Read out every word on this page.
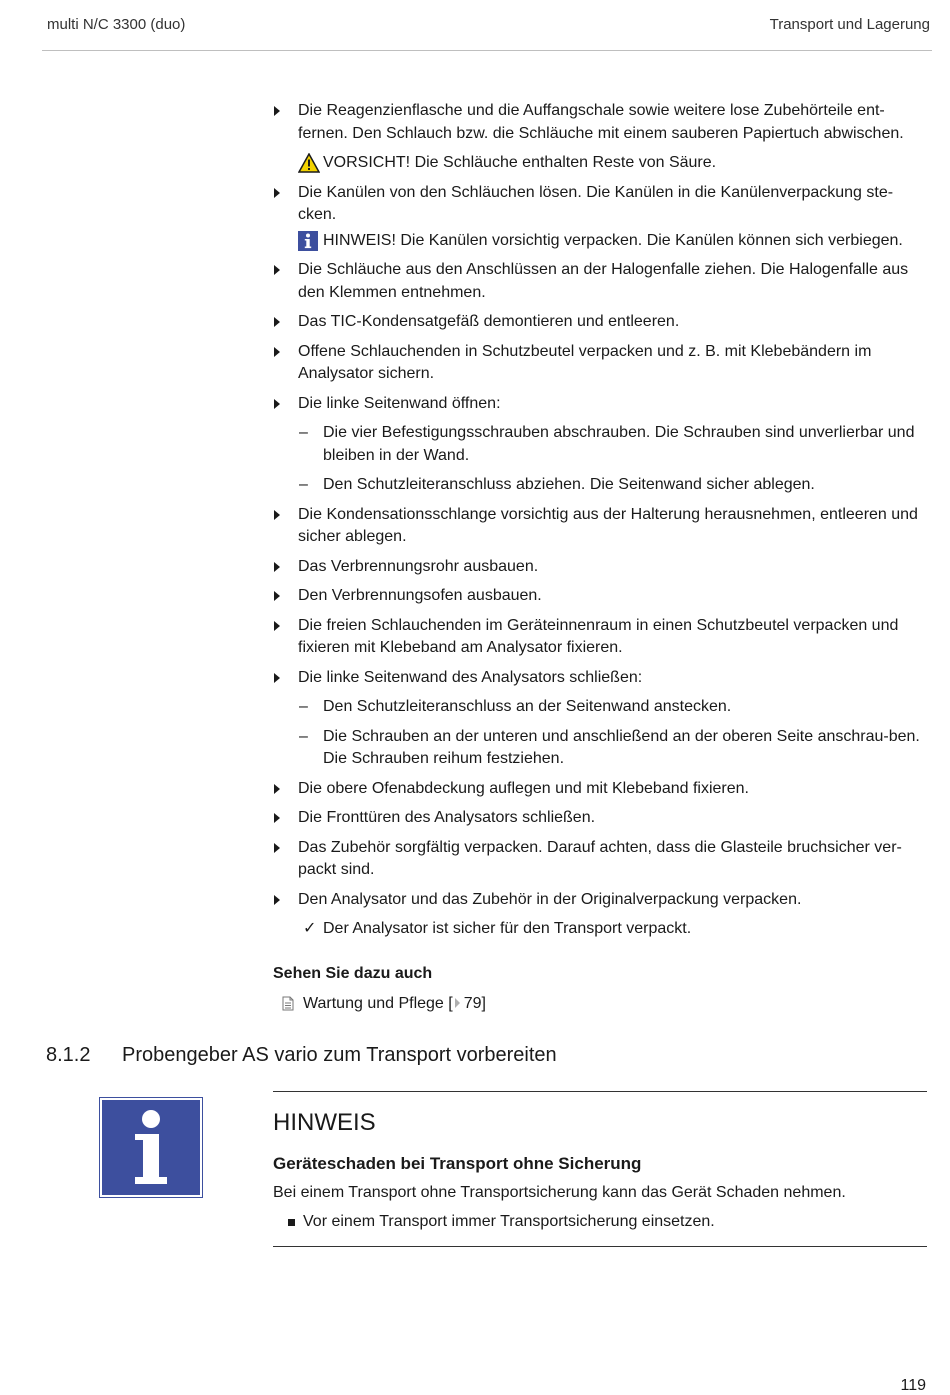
multi N/C 3300 (duo)	Transport und Lagerung
Die Reagenzienflasche und die Auffangschale sowie weitere lose Zubehörteile ent-fernen. Den Schlauch bzw. die Schläuche mit einem sauberen Papiertuch abwischen.
VORSICHT! Die Schläuche enthalten Reste von Säure.
Die Kanülen von den Schläuchen lösen. Die Kanülen in die Kanülenverpackung ste-cken.
HINWEIS! Die Kanülen vorsichtig verpacken. Die Kanülen können sich verbiegen.
Die Schläuche aus den Anschlüssen an der Halogenfalle ziehen. Die Halogenfalle aus den Klemmen entnehmen.
Das TIC-Kondensatgefäß demontieren und entleeren.
Offene Schlauchenden in Schutzbeutel verpacken und z. B. mit Klebebändern im Analysator sichern.
Die linke Seitenwand öffnen:
– Die vier Befestigungsschrauben abschrauben. Die Schrauben sind unverlierbar und bleiben in der Wand.
– Den Schutzleiteranschluss abziehen. Die Seitenwand sicher ablegen.
Die Kondensationsschlange vorsichtig aus der Halterung herausnehmen, entleeren und sicher ablegen.
Das Verbrennungsrohr ausbauen.
Den Verbrennungsofen ausbauen.
Die freien Schlauchenden im Geräteinnenraum in einen Schutzbeutel verpacken und fixieren mit Klebeband am Analysator fixieren.
Die linke Seitenwand des Analysators schließen:
– Den Schutzleiteranschluss an der Seitenwand anstecken.
– Die Schrauben an der unteren und anschließend an der oberen Seite anschrau-ben. Die Schrauben reihum festziehen.
Die obere Ofenabdeckung auflegen und mit Klebeband fixieren.
Die Fronttüren des Analysators schließen.
Das Zubehör sorgfältig verpacken. Darauf achten, dass die Glasteile bruchsicher ver-packt sind.
Den Analysator und das Zubehör in der Originalverpackung verpacken.
✓ Der Analysator ist sicher für den Transport verpackt.
Sehen Sie dazu auch
Wartung und Pflege [ 79]
8.1.2 Probengeber AS vario zum Transport vorbereiten
HINWEIS
Geräteschaden bei Transport ohne Sicherung
Bei einem Transport ohne Transportsicherung kann das Gerät Schaden nehmen.
Vor einem Transport immer Transportsicherung einsetzen.
119
